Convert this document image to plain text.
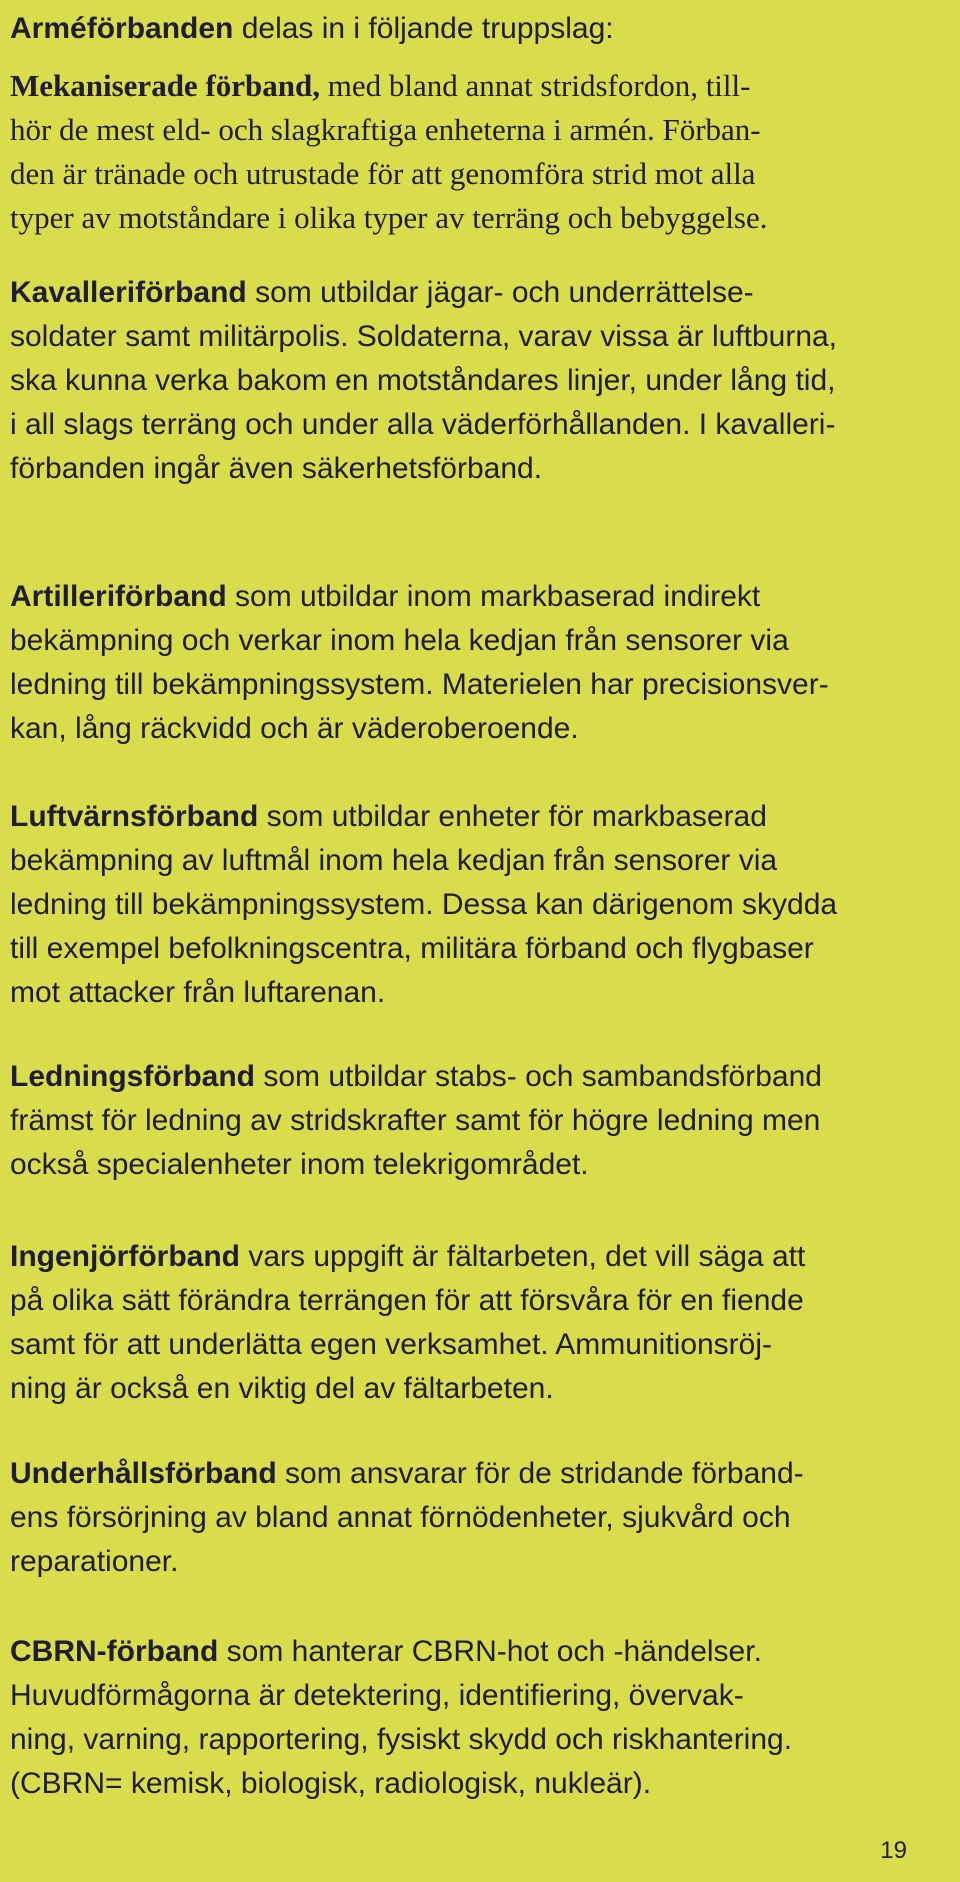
Arméförbanden delas in i följande truppslag:
Mekaniserade förband, med bland annat stridsfordon, till-
hör de mest eld- och slagkraftiga enheterna i armén. Förban-
den är tränade och utrustade för att genomföra strid mot alla
typer av motståndare i olika typer av terräng och bebyggelse.
Kavalleriförband som utbildar jägar- och underrättelse-
soldater samt militärpolis. Soldaterna, varav vissa är luftburna,
ska kunna verka bakom en motståndares linjer, under lång tid,
i all slags terräng och under alla väderförhållanden. I kavalleri-
förbanden ingår även säkerhetsförband.
Artilleriförband som utbildar inom markbaserad indirekt
bekämpning och verkar inom hela kedjan från sensorer via
ledning till bekämpningssystem. Materielen har precisionsver-
kan, lång räckvidd och är väderoberoende.
Luftvärnsförband som utbildar enheter för markbaserad
bekämpning av luftmål inom hela kedjan från sensorer via
ledning till bekämpningssystem. Dessa kan därigenom skydda
till exempel befolkningscentra, militära förband och flygbaser
mot attacker från luftarenan.
Ledningsförband som utbildar stabs- och sambandsförband
främst för ledning av stridskrafter samt för högre ledning men
också specialenheter inom telekrigområdet.
Ingenjörförband vars uppgift är fältarbeten, det vill säga att
på olika sätt förändra terrängen för att försvåra för en fiende
samt för att underlätta egen verksamhet. Ammunitionsröj-
ning är också en viktig del av fältarbeten.
Underhållsförband som ansvarar för de stridande förband-
ens försörjning av bland annat förnödenheter, sjukvård och
reparationer.
CBRN-förband som hanterar CBRN-hot och -händelser.
Huvudförmågorna är detektering, identifiering, övervak-
ning, varning, rapportering, fysiskt skydd och riskhantering.
(CBRN= kemisk, biologisk, radiologisk, nukleär).
19
